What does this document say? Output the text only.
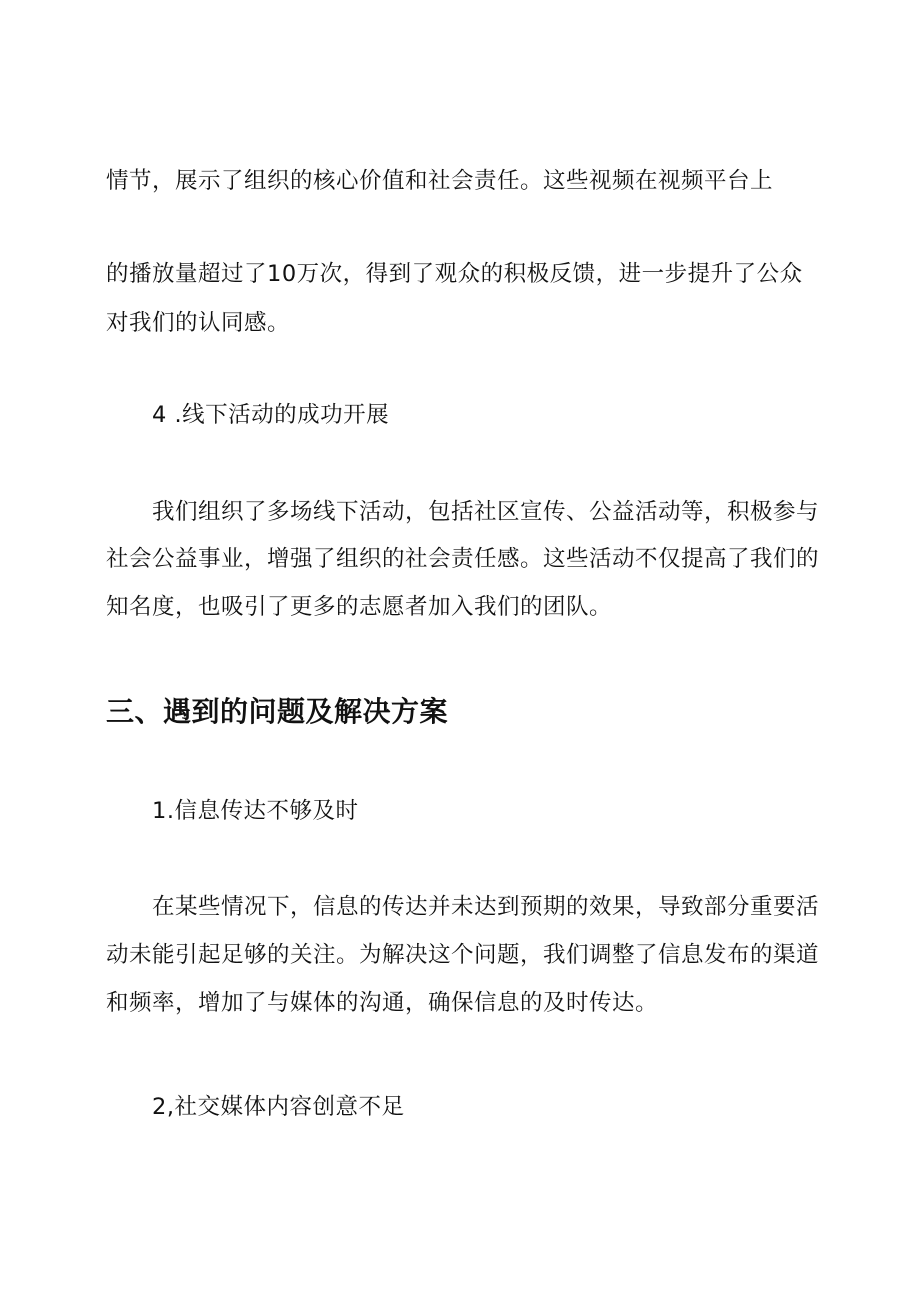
情节，展示了组织的核心价值和社会责任。这些视频在视频平台上
的播放量超过了10万次，得到了观众的积极反馈，进一步提升了公众
对我们的认同感。
4 .线下活动的成功开展
我们组织了多场线下活动，包括社区宣传、公益活动等，积极参与
社会公益事业，增强了组织的社会责任感。这些活动不仅提高了我们的
知名度，也吸引了更多的志愿者加入我们的团队。
三、遇到的问题及解决方案
1.信息传达不够及时
在某些情况下，信息的传达并未达到预期的效果，导致部分重要活
动未能引起足够的关注。为解决这个问题，我们调整了信息发布的渠道
和频率，增加了与媒体的沟通，确保信息的及时传达。
2,社交媒体内容创意不足
